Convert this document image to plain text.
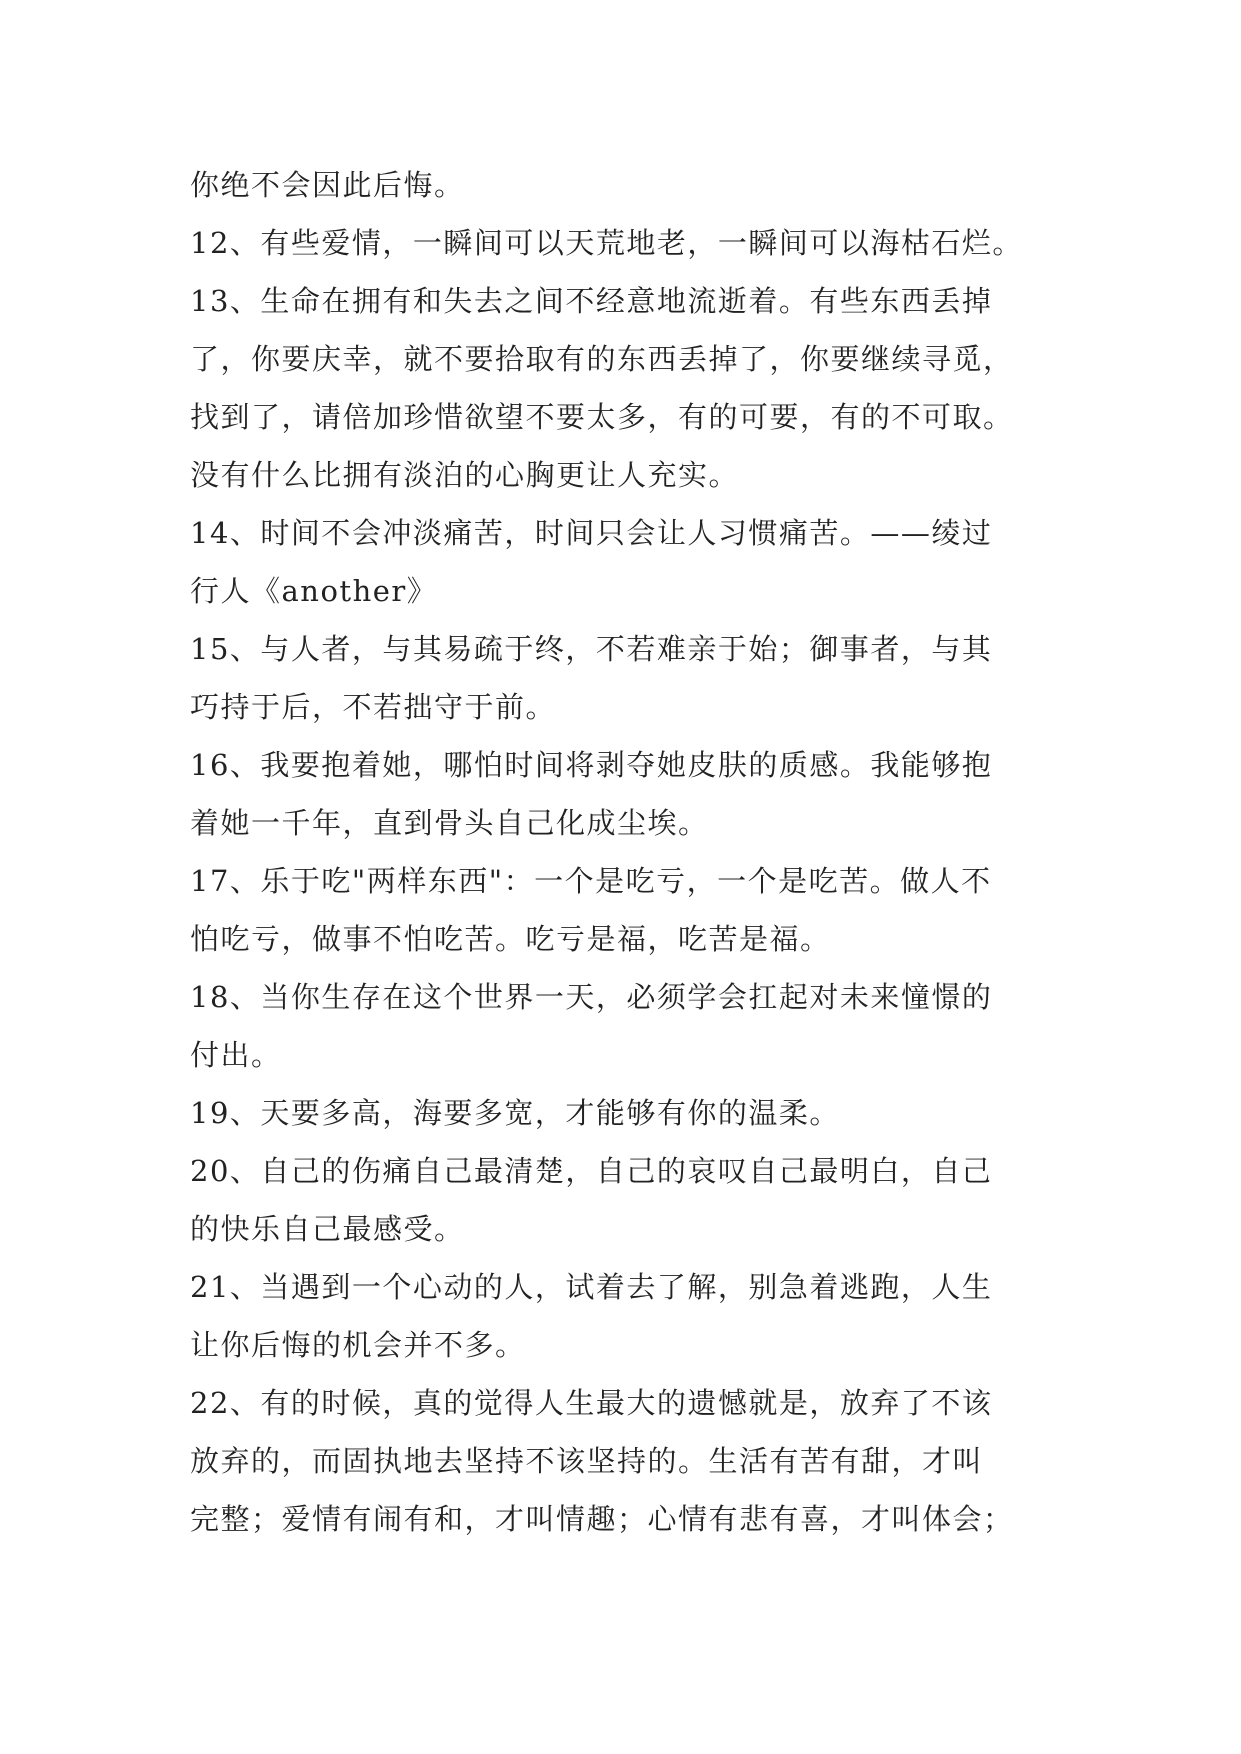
你绝不会因此后悔。
12、有些爱情，一瞬间可以天荒地老，一瞬间可以海枯石烂。
13、生命在拥有和失去之间不经意地流逝着。有些东西丢掉
了，你要庆幸，就不要拾取有的东西丢掉了，你要继续寻觅，
找到了，请倍加珍惜欲望不要太多，有的可要，有的不可取。
没有什么比拥有淡泊的心胸更让人充实。
14、时间不会冲淡痛苦，时间只会让人习惯痛苦。——绫过
行人《another》
15、与人者，与其易疏于终，不若难亲于始；御事者，与其
巧持于后，不若拙守于前。
16、我要抱着她，哪怕时间将剥夺她皮肤的质感。我能够抱
着她一千年，直到骨头自己化成尘埃。
17、乐于吃"两样东西"：一个是吃亏，一个是吃苦。做人不
怕吃亏，做事不怕吃苦。吃亏是福，吃苦是福。
18、当你生存在这个世界一天，必须学会扛起对未来憧憬的
付出。
19、天要多高，海要多宽，才能够有你的温柔。
20、自己的伤痛自己最清楚，自己的哀叹自己最明白，自己
的快乐自己最感受。
21、当遇到一个心动的人，试着去了解，别急着逃跑，人生
让你后悔的机会并不多。
22、有的时候，真的觉得人生最大的遗憾就是，放弃了不该
放弃的，而固执地去坚持不该坚持的。生活有苦有甜，才叫
完整；爱情有闹有和，才叫情趣；心情有悲有喜，才叫体会；
